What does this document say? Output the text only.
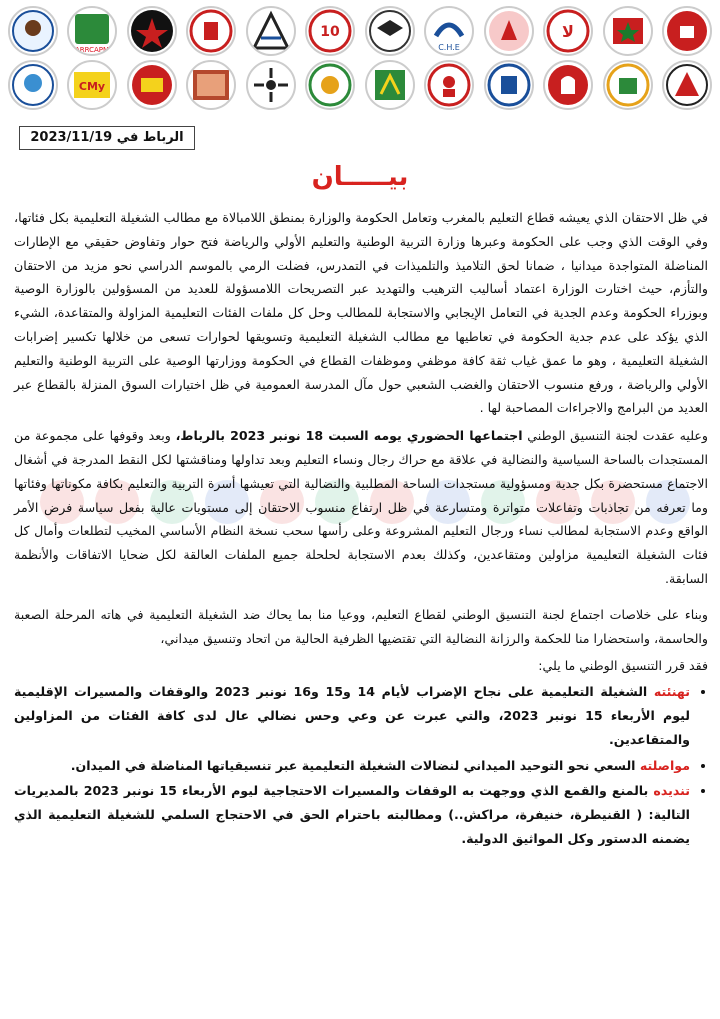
ARRCAPM
10
C.H.E
لا
CMy
الرباط في 2023/11/19
بيـــــان

في ظل الاحتقان الذي يعيشه قطاع التعليم بالمغرب وتعامل الحكومة والوزارة بمنطق اللامبالاة مع مطالب الشغيلة التعليمية بكل فئاتها، وفي الوقت الذي وجب على الحكومة وعبرها وزارة التربية الوطنية والتعليم الأولي والرياضة فتح حوار وتفاوض حقيقي مع الإطارات المناضلة المتواجدة ميدانيا ، ضمانا لحق التلاميذ والتلميذات في التمدرس، فضلت الرمي بالموسم الدراسي نحو مزيد من الاحتقان والتأزم، حيث اختارت الوزارة اعتماد أساليب الترهيب والتهديد عبر التصريحات اللامسؤولة للعديد من المسؤولين بالوزارة الوصية وبوزراء الحكومة وعدم الجدية في التعامل الإيجابي والاستجابة للمطالب وحل كل ملفات الفئات التعليمية المزاولة والمتقاعدة، الشيء الذي يؤكد على عدم جدية الحكومة في تعاطيها مع مطالب الشغيلة التعليمية وتسويقها لحوارات تسعى من خلالها تكسير إضرابات الشغيلة التعليمية ، وهو ما عمق غياب ثقة كافة موظفي وموظفات القطاع في الحكومة ووزارتها الوصية على التربية الوطنية والتعليم الأولي والرياضة ، ورفع منسوب الاحتقان والغضب الشعبي حول مآل المدرسة العمومية في ظل اختيارات السوق المنزلة بالقطاع عبر العديد من البرامج والاجراءات المصاحبة لها .

وعليه عقدت لجنة التنسيق الوطني اجتماعها الحضوري يومه السبت 18 نونبر 2023 بالرباط، وبعد وقوفها على مجموعة من المستجدات بالساحة السياسية والنضالية في علاقة مع حراك رجال ونساء التعليم وبعد تداولها ومناقشتها لكل النقط المدرجة في أشغال الاجتماع مستحضرة بكل جدية ومسؤولية مستجدات الساحة المطلبية والنضالية التي تعيشها أسرة التربية والتعليم بكافة مكوناتها وفئاتها وما تعرفه من تجاذبات وتفاعلات متواترة ومتسارعة في ظل ارتفاع منسوب الاحتقان إلى مستويات عالية بفعل سياسة فرض الأمر الواقع وعدم الاستجابة لمطالب نساء ورجال التعليم المشروعة وعلى رأسها سحب نسخة النظام الأساسي المخيب لتطلعات وأمال كل فئات الشغيلة التعليمية مزاولين ومتقاعدين، وكذلك بعدم الاستجابة لحلحلة جميع الملفات العالقة لكل ضحايا الاتفاقات والأنظمة السابقة.

وبناء على خلاصات اجتماع لجنة التنسيق الوطني لقطاع التعليم، ووعيا منا بما يحاك ضد الشغيلة التعليمية في هاته المرحلة الصعبة والحاسمة، واستحضارا منا للحكمة والرزانة النضالية التي تقتضيها الظرفية الحالية من اتحاد وتنسيق ميداني،

فقد قرر التنسيق الوطني ما يلي:

• تهنئته الشغيلة التعليمية على نجاح الإضراب لأيام 14 و15 و16 نونبر 2023 والوقفات والمسيرات الإقليمية ليوم الأربعاء 15 نونبر 2023، والتي عبرت عن وعي وحس نضالي عال لدى كافة الفئات من المزاولين والمتقاعدين.
• مواصلته السعي نحو التوحيد الميداني لنضالات الشغيلة التعليمية عبر تنسيقياتها المناضلة في الميدان.
• تنديده بالمنع والقمع الذي ووجهت به الوقفات والمسيرات الاحتجاجية ليوم الأربعاء 15 نونبر 2023 بالمديريات التالية: ( القنيطرة، خنيفرة، مراكش..) ومطالبته باحترام الحق في الاحتجاج السلمي للشغيلة التعليمية الذي يضمنه الدستور وكل المواثيق الدولية.
